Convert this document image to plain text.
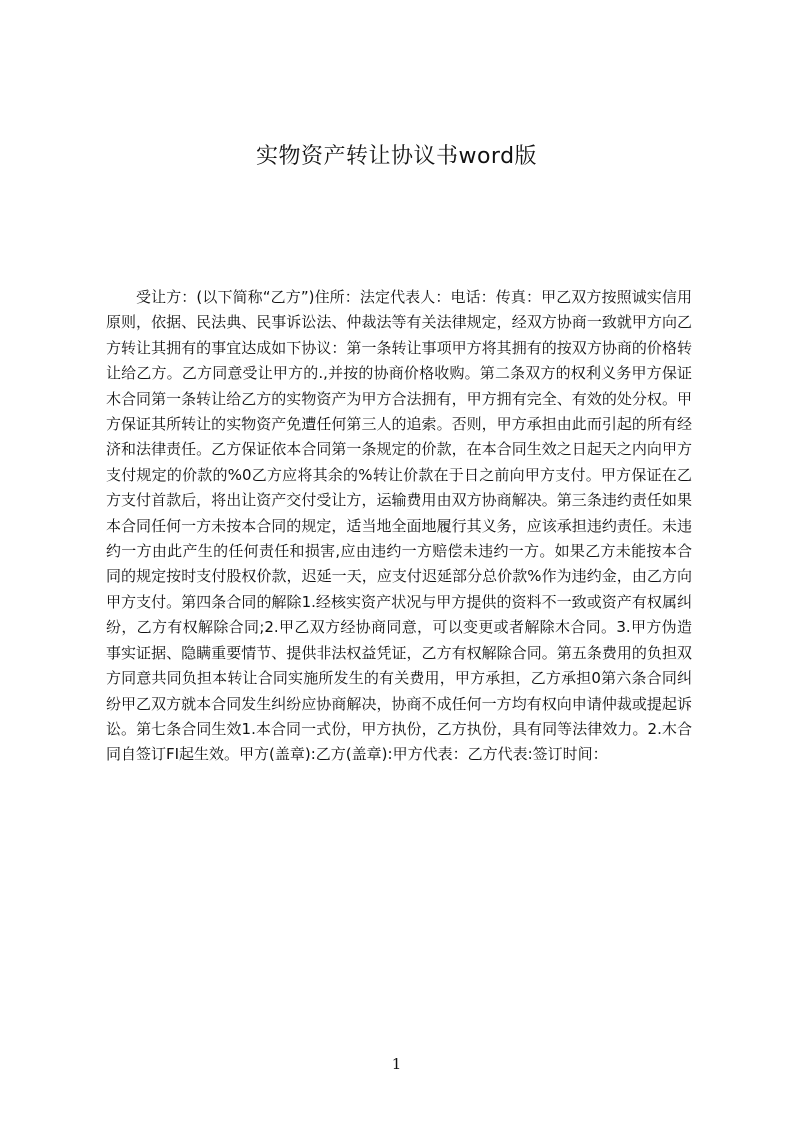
实物资产转让协议书word版

受让方：(以下简称“乙方”)住所：法定代表人：电话：传真：甲乙双方按照诚实信用原则，依据、民法典、民事诉讼法、仲裁法等有关法律规定，经双方协商一致就甲方向乙方转让其拥有的事宜达成如下协议：第一条转让事项甲方将其拥有的按双方协商的价格转让给乙方。乙方同意受让甲方的.,并按的协商价格收购。第二条双方的权利义务甲方保证木合同第一条转让给乙方的实物资产为甲方合法拥有，甲方拥有完全、有效的处分权。甲方保证其所转让的实物资产免遭任何第三人的追索。否则，甲方承担由此而引起的所有经济和法律责任。乙方保证依本合同第一条规定的价款，在本合同生效之日起天之内向甲方支付规定的价款的%0乙方应将其余的%转让价款在于日之前向甲方支付。甲方保证在乙方支付首款后，将出让资产交付受让方，运输费用由双方协商解决。第三条违约责任如果本合同任何一方未按本合同的规定，适当地全面地履行其义务，应该承担违约责任。未违约一方由此产生的任何责任和损害,应由违约一方赔偿未违约一方。如果乙方未能按本合同的规定按时支付股权价款，迟延一天，应支付迟延部分总价款%作为违约金，由乙方向甲方支付。第四条合同的解除1.经核实资产状况与甲方提供的资料不一致或资产有权属纠纷，乙方有权解除合同;2.甲乙双方经协商同意，可以变更或者解除木合同。3.甲方伪造事实证据、隐瞒重要情节、提供非法权益凭证，乙方有权解除合同。第五条费用的负担双方同意共同负担本转让合同实施所发生的有关费用，甲方承担，乙方承担0第六条合同纠纷甲乙双方就本合同发生纠纷应协商解决，协商不成任何一方均有权向申请仲裁或提起诉讼。第七条合同生效1.本合同一式份，甲方执份，乙方执份，具有同等法律效力。2.木合同自签订FI起生效。甲方(盖章):乙方(盖章):甲方代表：乙方代表:签订时间：

1
